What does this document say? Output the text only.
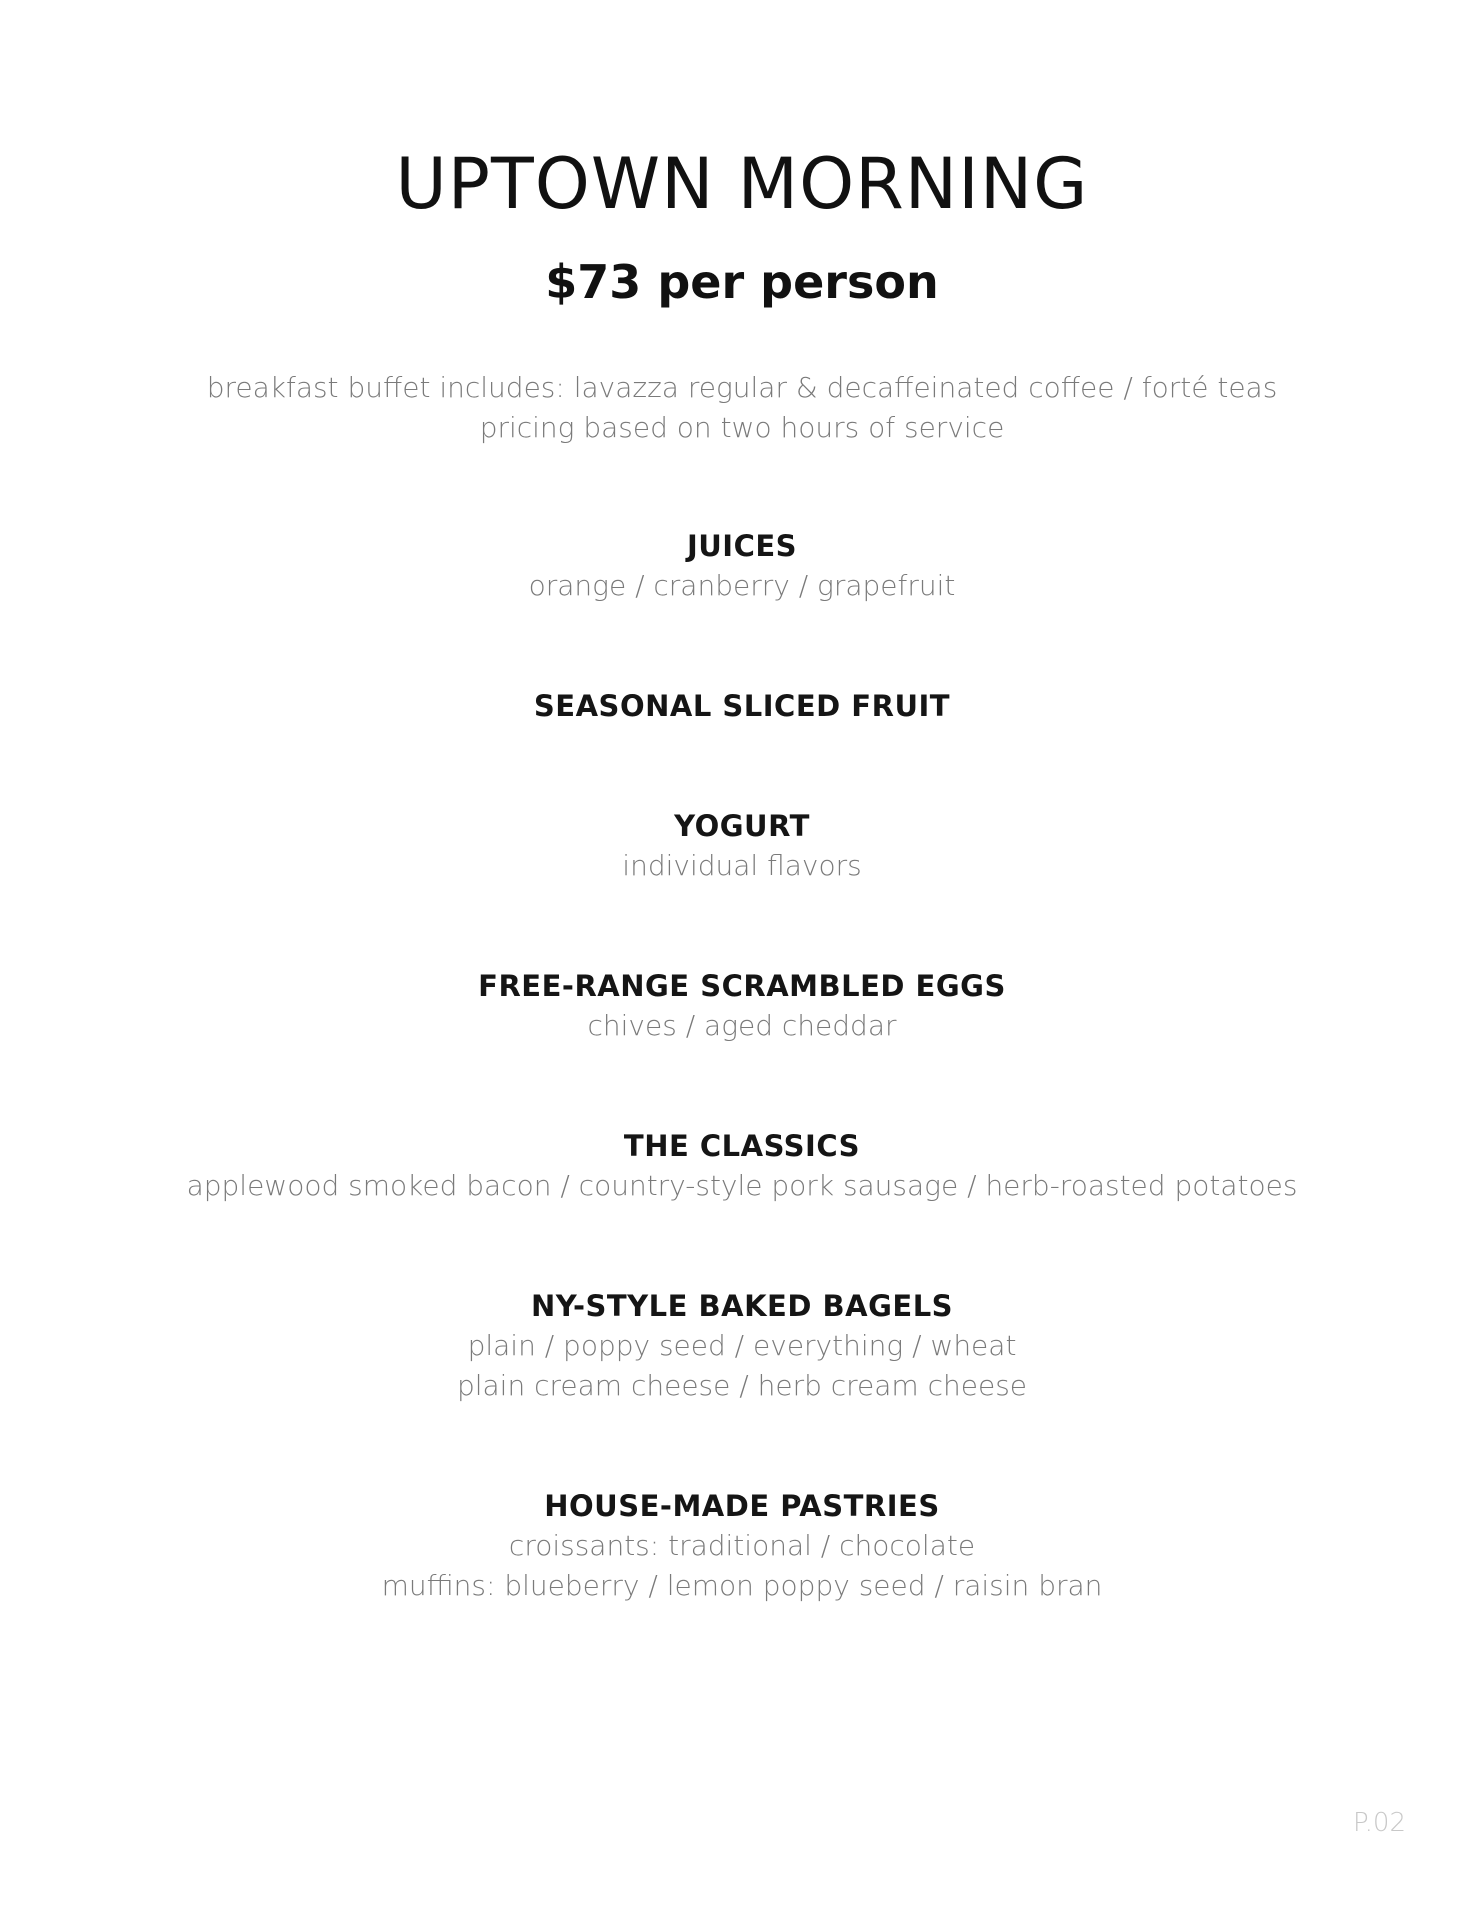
UPTOWN MORNING
$73 per person
breakfast buffet includes: lavazza regular & decaffeinated coffee / forté teas
pricing based on two hours of service
JUICES
orange / cranberry / grapefruit
SEASONAL SLICED FRUIT
YOGURT
individual flavors
FREE-RANGE SCRAMBLED EGGS
chives / aged cheddar
THE CLASSICS
applewood smoked bacon / country-style pork sausage / herb-roasted potatoes
NY-STYLE BAKED BAGELS
plain / poppy seed / everything / wheat
plain cream cheese / herb cream cheese
HOUSE-MADE PASTRIES
croissants: traditional / chocolate
muffins: blueberry / lemon poppy seed / raisin bran
P.02
